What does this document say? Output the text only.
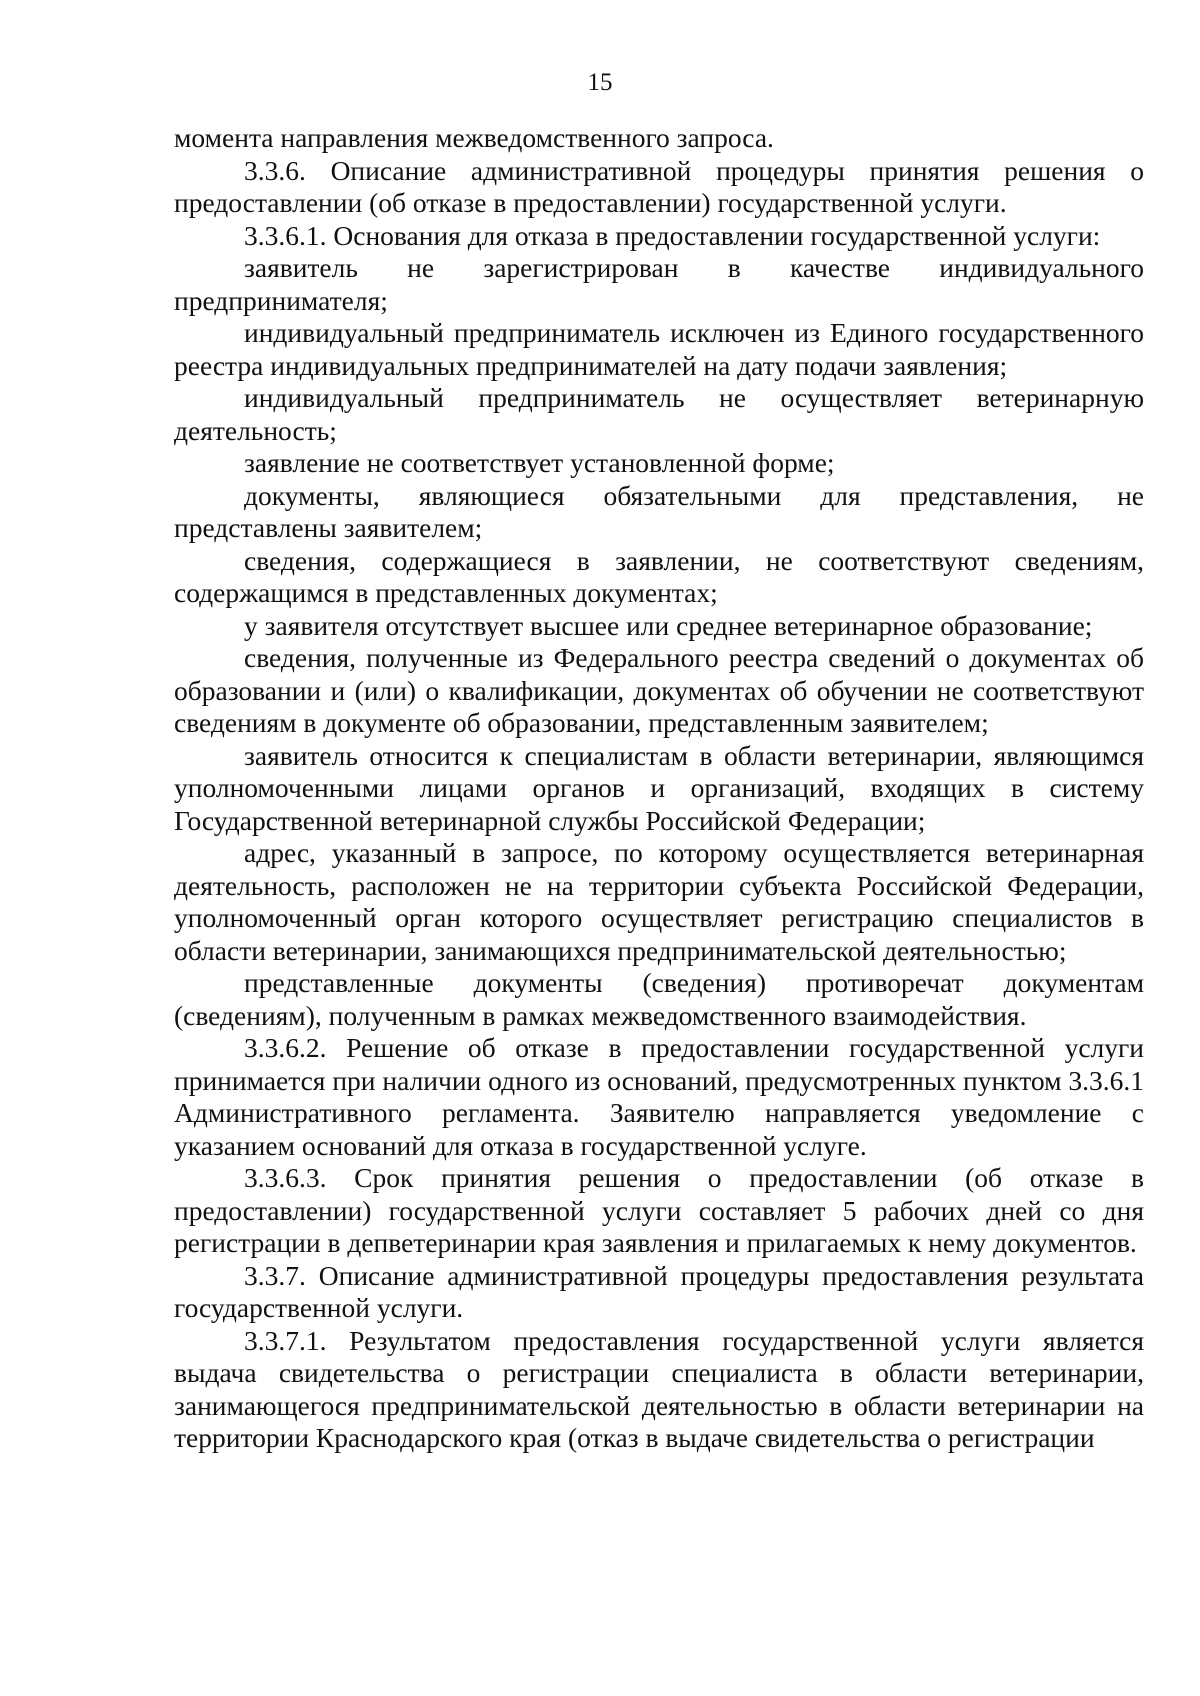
15

момента направления межведомственного запроса.

3.3.6. Описание административной процедуры принятия решения о предоставлении (об отказе в предоставлении) государственной услуги.

3.3.6.1. Основания для отказа в предоставлении государственной услуги:

заявитель не зарегистрирован в качестве индивидуального предпринимателя;

индивидуальный предприниматель исключен из Единого государственного реестра индивидуальных предпринимателей на дату подачи заявления;

индивидуальный предприниматель не осуществляет ветеринарную деятельность;

заявление не соответствует установленной форме;

документы, являющиеся обязательными для представления, не представлены заявителем;

сведения, содержащиеся в заявлении, не соответствуют сведениям, содержащимся в представленных документах;

у заявителя отсутствует высшее или среднее ветеринарное образование;

сведения, полученные из Федерального реестра сведений о документах об образовании и (или) о квалификации, документах об обучении не соответствуют сведениям в документе об образовании, представленным заявителем;

заявитель относится к специалистам в области ветеринарии, являющимся уполномоченными лицами органов и организаций, входящих в систему Государственной ветеринарной службы Российской Федерации;

адрес, указанный в запросе, по которому осуществляется ветеринарная деятельность, расположен не на территории субъекта Российской Федерации, уполномоченный орган которого осуществляет регистрацию специалистов в области ветеринарии, занимающихся предпринимательской деятельностью;

представленные документы (сведения) противоречат документам (сведениям), полученным в рамках межведомственного взаимодействия.

3.3.6.2. Решение об отказе в предоставлении государственной услуги принимается при наличии одного из оснований, предусмотренных пунктом 3.3.6.1 Административного регламента. Заявителю направляется уведомление с указанием оснований для отказа в государственной услуге.

3.3.6.3. Срок принятия решения о предоставлении (об отказе в предоставлении) государственной услуги составляет 5 рабочих дней со дня регистрации в депветеринарии края заявления и прилагаемых к нему документов.

3.3.7. Описание административной процедуры предоставления результата государственной услуги.

3.3.7.1. Результатом предоставления государственной услуги является выдача свидетельства о регистрации специалиста в области ветеринарии, занимающегося предпринимательской деятельностью в области ветеринарии на территории Краснодарского края (отказ в выдаче свидетельства о регистрации
